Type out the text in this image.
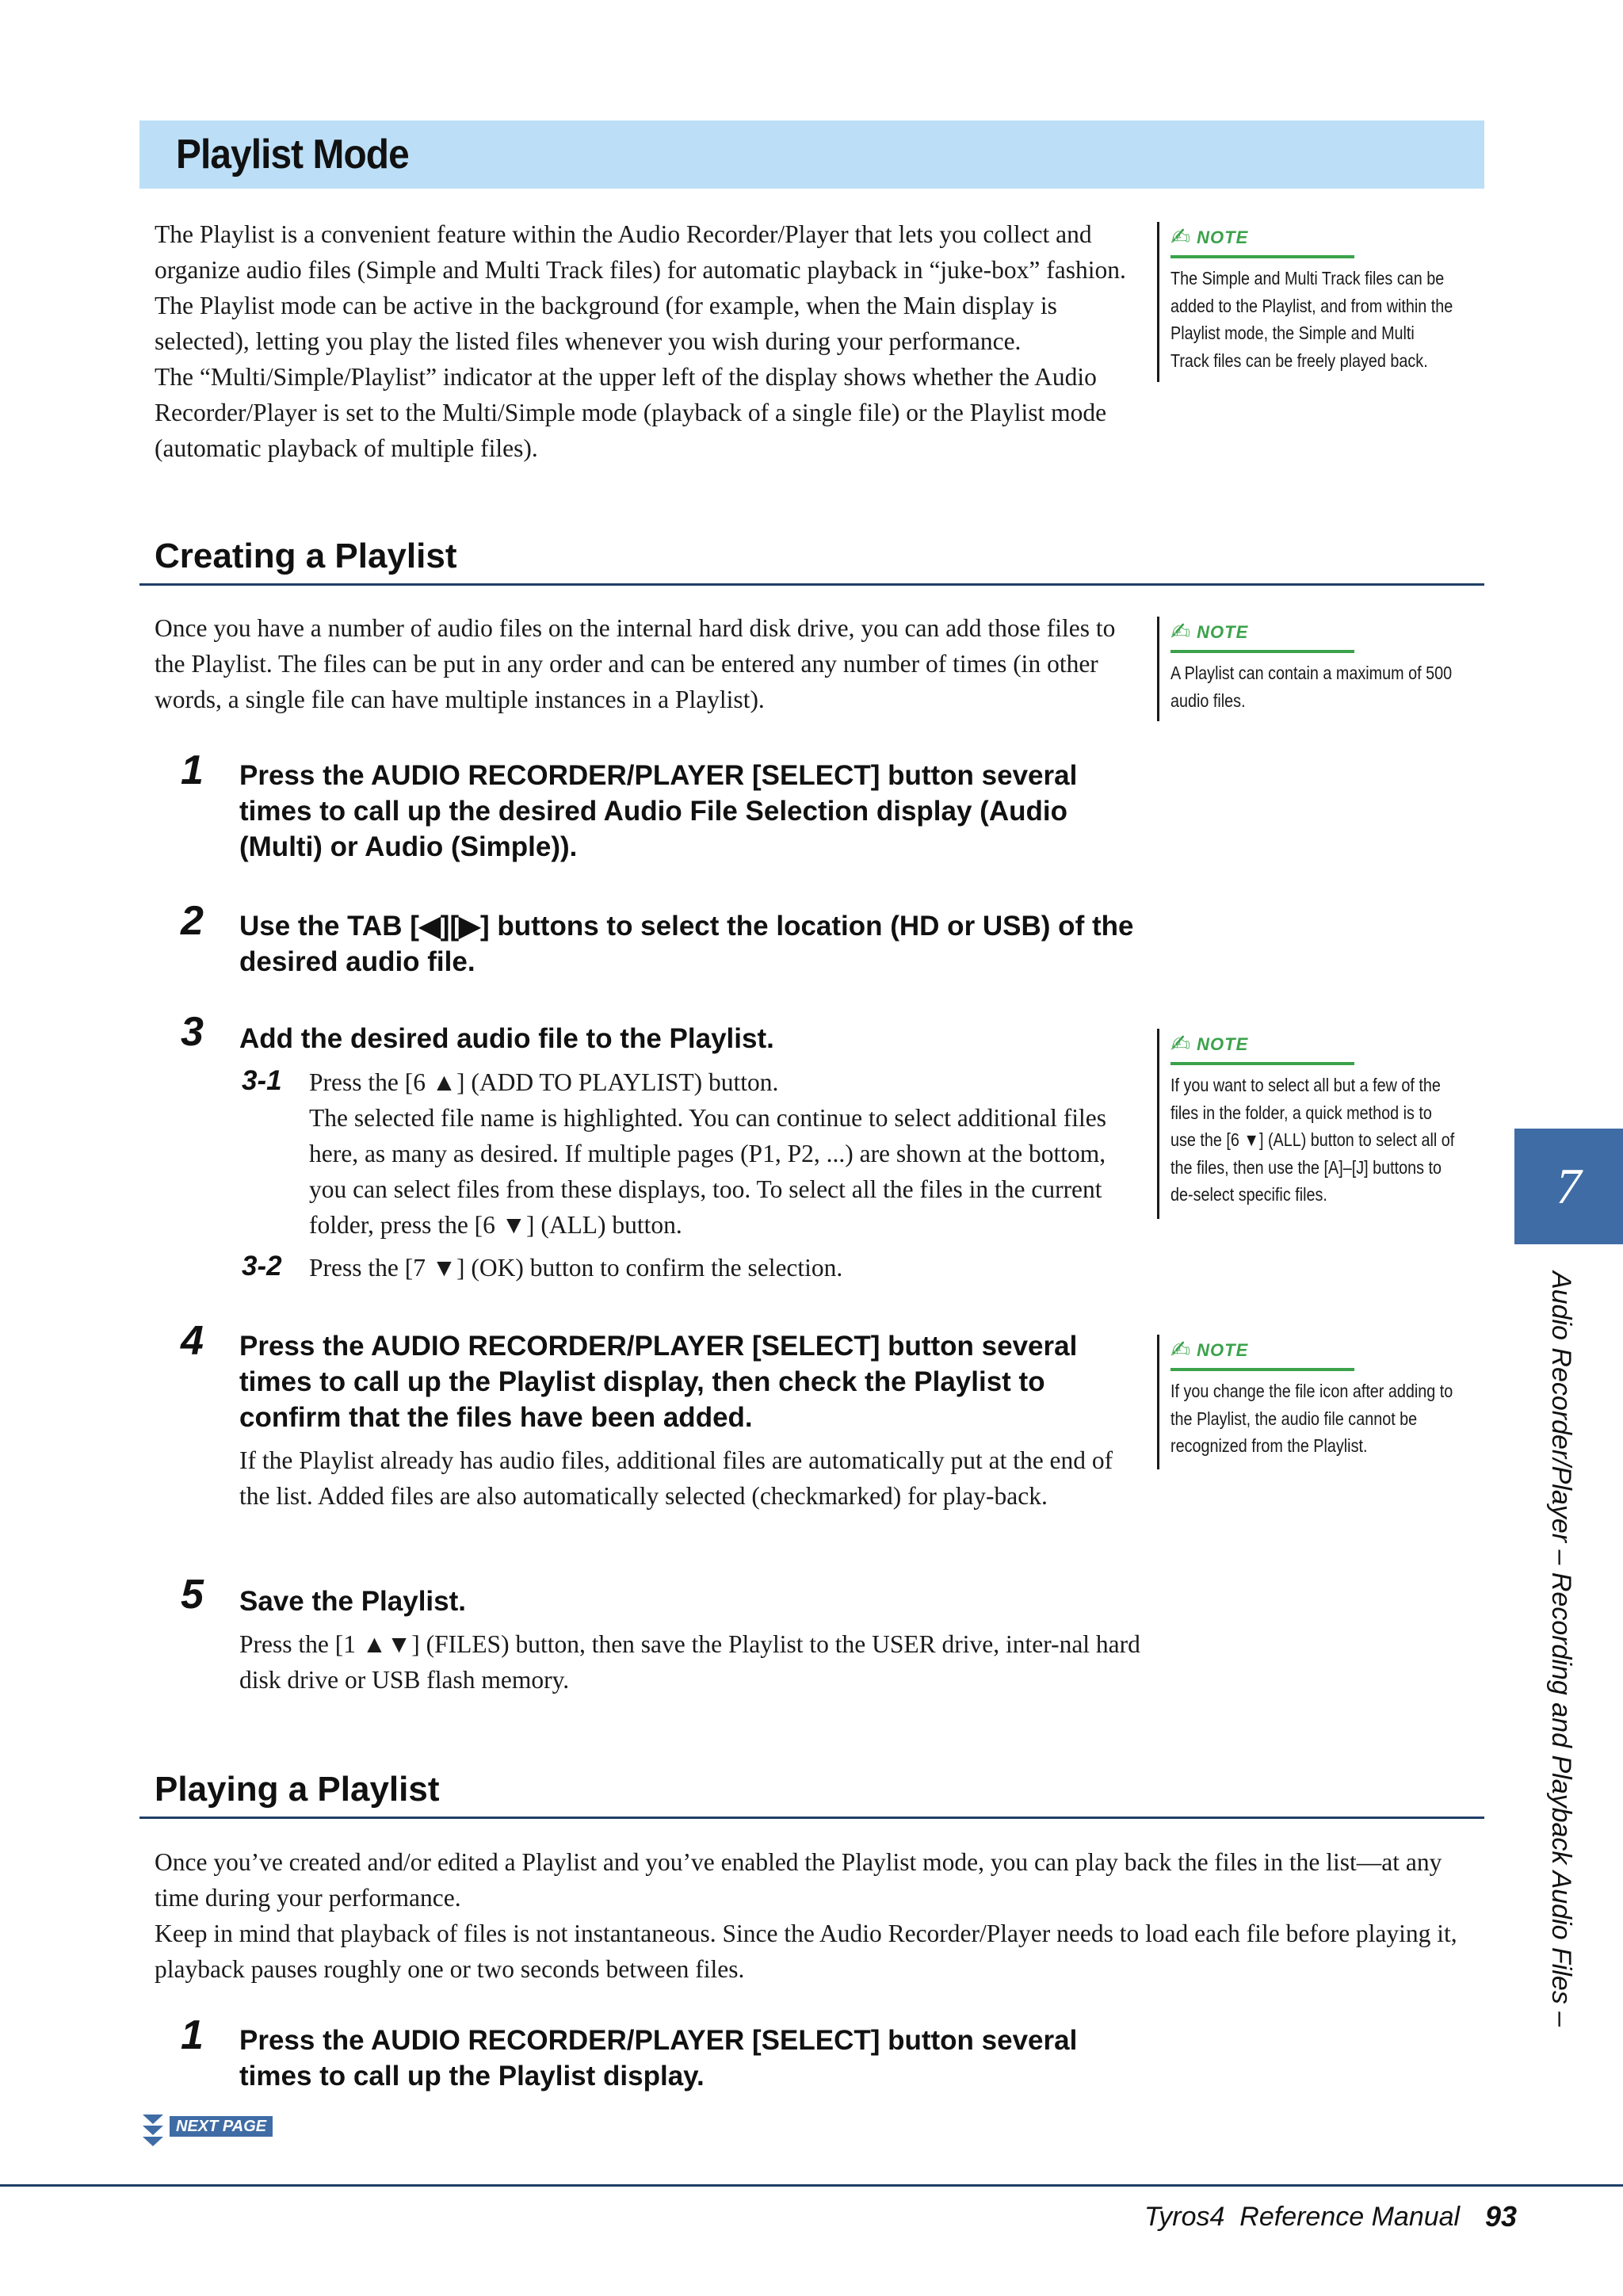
Playlist Mode

The Playlist is a convenient feature within the Audio Recorder/Player that lets you collect and organize audio files (Simple and Multi Track files) for automatic playback in “juke-box” fashion. The Playlist mode can be active in the background (for example, when the Main display is selected), letting you play the listed files whenever you wish during your performance.

The “Multi/Simple/Playlist” indicator at the upper left of the display shows whether the Audio Recorder/Player is set to the Multi/Simple mode (playback of a single file) or the Playlist mode (automatic playback of multiple files).

✍ NOTE
The Simple and Multi Track files can be added to the Playlist, and from within the Playlist mode, the Simple and Multi Track files can be freely played back.
Creating a Playlist
Once you have a number of audio files on the internal hard disk drive, you can add those files to the Playlist. The files can be put in any order and can be entered any number of times (in other words, a single file can have multiple instances in a Playlist).
✍ NOTE
A Playlist can contain a maximum of 500 audio files.
1 Press the AUDIO RECORDER/PLAYER [SELECT] button several times to call up the desired Audio File Selection display (Audio (Multi) or Audio (Simple)).
2 Use the TAB [◀][▶] buttons to select the location (HD or USB) of the desired audio file.
3 Add the desired audio file to the Playlist.
3-1 Press the [6 ▲] (ADD TO PLAYLIST) button.

The selected file name is highlighted. You can continue to select additional files here, as many as desired. If multiple pages (P1, P2, ...) are shown at the bottom, you can select files from these displays, too. To select all the files in the current folder, press the [6 ▼] (ALL) button.

3-2 Press the [7 ▼] (OK) button to confirm the selection.
✍ NOTE
If you want to select all but a few of the files in the folder, a quick method is to use the [6 ▼] (ALL) button to select all of the files, then use the [A]–[J] buttons to de-select specific files.
4 Press the AUDIO RECORDER/PLAYER [SELECT] button several times to call up the Playlist display, then check the Playlist to confirm that the files have been added.
If the Playlist already has audio files, additional files are automatically put at the end of the list. Added files are also automatically selected (checkmarked) for play-back.
✍ NOTE
If you change the file icon after adding to the Playlist, the audio file cannot be recognized from the Playlist.
5 Save the Playlist.
Press the [1 ▲▼] (FILES) button, then save the Playlist to the USER drive, inter-nal hard disk drive or USB flash memory.
Playing a Playlist

Once you’ve created and/or edited a Playlist and you’ve enabled the Playlist mode, you can play back the files in the list—at any time during your performance.

Keep in mind that playback of files is not instantaneous. Since the Audio Recorder/Player needs to load each file before playing it, playback pauses roughly one or two seconds between files.

1 Press the AUDIO RECORDER/PLAYER [SELECT] button several times to call up the Playlist display.
7
Audio Recorder/Player – Recording and Playback Audio Files –
NEXT PAGE
Tyros4  Reference Manual 93
